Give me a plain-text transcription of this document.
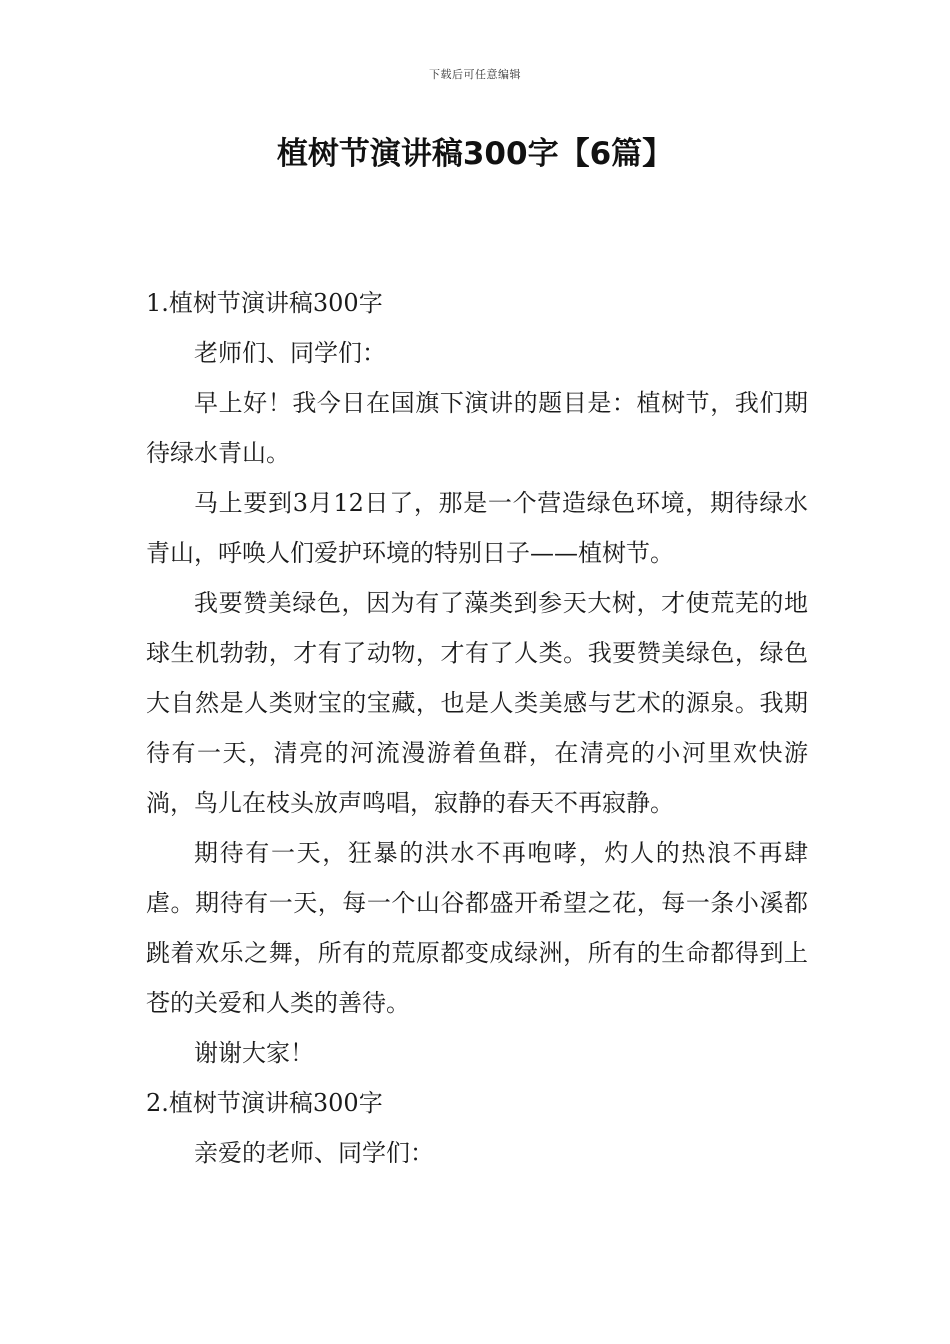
下载后可任意编辑
植树节演讲稿300字【6篇】

1.植树节演讲稿300字

老师们、同学们：

早上好！我今日在国旗下演讲的题目是：植树节，我们期待绿水青山。

马上要到3月12日了，那是一个营造绿色环境，期待绿水青山，呼唤人们爱护环境的特别日子——植树节。

我要赞美绿色，因为有了藻类到参天大树，才使荒芜的地球生机勃勃，才有了动物，才有了人类。我要赞美绿色，绿色大自然是人类财宝的宝藏，也是人类美感与艺术的源泉。我期待有一天，清亮的河流漫游着鱼群，在清亮的小河里欢快游淌，鸟儿在枝头放声鸣唱，寂静的春天不再寂静。

期待有一天，狂暴的洪水不再咆哮，灼人的热浪不再肆虐。期待有一天，每一个山谷都盛开希望之花，每一条小溪都跳着欢乐之舞，所有的荒原都变成绿洲，所有的生命都得到上苍的关爱和人类的善待。

谢谢大家！

2.植树节演讲稿300字

亲爱的老师、同学们：
